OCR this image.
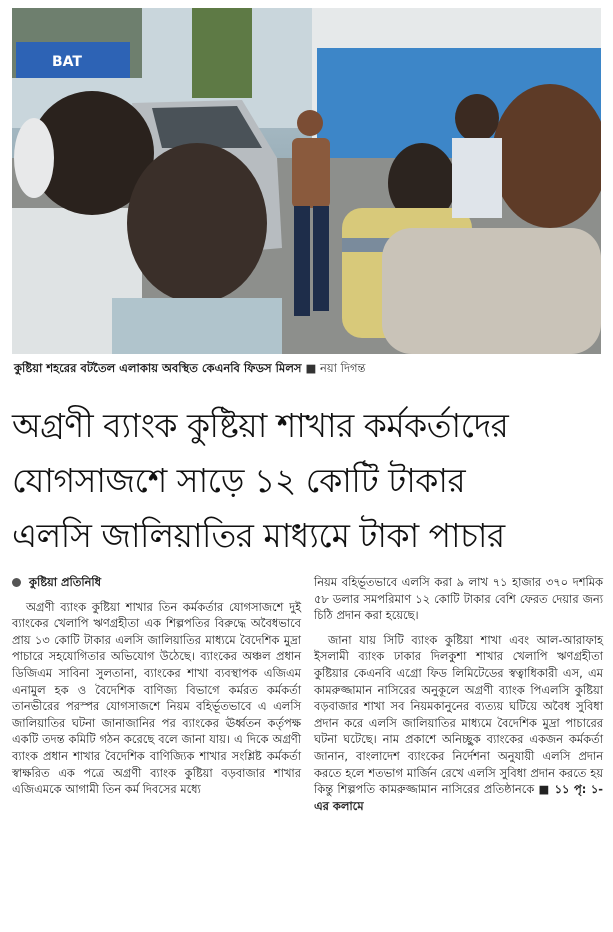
BAT
কুষ্টিয়া শহরের বটতৈল এলাকায় অবস্থিত কেএনবি ফিডস মিলস ■ নয়া দিগন্ত
অগ্রণী ব্যাংক কুষ্টিয়া শাখার কর্মকর্তাদের
যোগসাজশে সাড়ে ১২ কোটি টাকার
এলসি জালিয়াতির মাধ্যমে টাকা পাচার

কুষ্টিয়া প্রতিনিধি

অগ্রণী ব্যাংক কুষ্টিয়া শাখার তিন কর্মকর্তার যোগসাজশে দুই ব্যাংকের খেলাপি ঋণগ্রহীতা এক শিল্পপতির বিরুদ্ধে অবৈধভাবে প্রায় ১৩ কোটি টাকার এলসি জালিয়াতির মাধ্যমে বৈদেশিক মুদ্রা পাচারে সহযোগিতার অভিযোগ উঠেছে। ব্যাংকের অঞ্চল প্রধান ডিজিএম সাবিনা সুলতানা, ব্যাংকের শাখা ব্যবস্থাপক এজিএম এনামুল হক ও বৈদেশিক বাণিজ্য বিভাগে কর্মরত কর্মকর্তা তানভীরের পরস্পর যোগসাজশে নিয়ম বহির্ভূতভাবে এ এলসি জালিয়াতির ঘটনা জানাজানির পর ব্যাংকের ঊর্ধ্বতন কর্তৃপক্ষ একটি তদন্ত কমিটি গঠন করেছে বলে জানা যায়। এ দিকে অগ্রণী ব্যাংক প্রধান শাখার বৈদেশিক বাণিজ্যিক শাখার সংশ্লিষ্ট কর্মকর্তা স্বাক্ষরিত এক পত্রে অগ্রণী ব্যাংক কুষ্টিয়া বড়বাজার শাখার এজিএমকে আগামী তিন কর্ম দিবসের মধ্যে

নিয়ম বহির্ভূতভাবে এলসি করা ৯ লাখ ৭১ হাজার ৩৭০ দশমিক ৫৮ ডলার সমপরিমাণ ১২ কোটি টাকার বেশি ফেরত দেয়ার জন্য চিঠি প্রদান করা হয়েছে।

জানা যায় সিটি ব্যাংক কুষ্টিয়া শাখা এবং আল-আরাফাহ ইসলামী ব্যাংক ঢাকার দিলকুশা শাখার খেলাপি ঋণগ্রহীতা কুষ্টিয়ার কেএনবি এগ্রো ফিড লিমিটেডের স্বত্বাধিকারী এস, এম কামরুজ্জামান নাসিরের অনুকূলে অগ্রণী ব্যাংক পিএলসি কুষ্টিয়া বড়বাজার শাখা সব নিয়মকানুনের ব্যত্যয় ঘটিয়ে অবৈধ সুবিধা প্রদান করে এলসি জালিয়াতির মাধ্যমে বৈদেশিক মুদ্রা পাচারের ঘটনা ঘটেছে। নাম প্রকাশে অনিচ্ছুক ব্যাংকের একজন কর্মকর্তা জানান, বাংলাদেশ ব্যাংকের নির্দেশনা অনুযায়ী এলসি প্রদান করতে হলে শতভাগ মার্জিন রেখে এলসি সুবিধা প্রদান করতে হয় কিন্তু শিল্পপতি কামরুজ্জামান নাসিরের প্রতিষ্ঠানকে ■ ১১ পৃ: ১-এর কলামে
